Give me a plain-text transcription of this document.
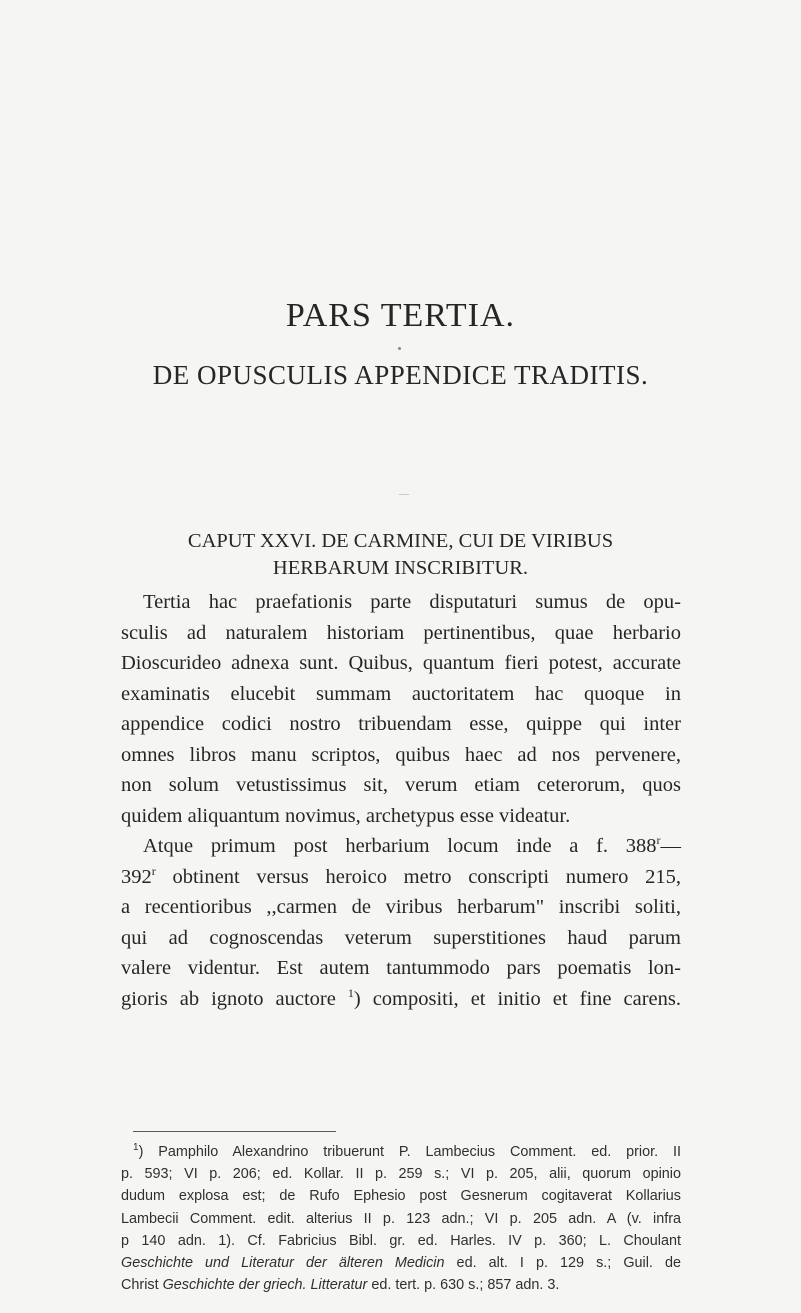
PARS TERTIA.
DE OPUSCULIS APPENDICE TRADITIS.
CAPUT XXVI. DE CARMINE, CUI DE VIRIBUS
HERBARUM INSCRIBITUR.
Tertia hac praefationis parte disputaturi sumus de opu-
sculis ad naturalem historiam pertinentibus, quae herbario
Dioscurideo adnexa sunt. Quibus, quantum fieri potest, accurate
examinatis elucebit summam auctoritatem hac quoque in
appendice codici nostro tribuendam esse, quippe qui inter
omnes libros manu scriptos, quibus haec ad nos pervenere,
non solum vetustissimus sit, verum etiam ceterorum, quos
quidem aliquantum novimus, archetypus esse videatur.
Atque primum post herbarium locum inde a f. 388$^r$—
392$^r$ obtinent versus heroico metro conscripti numero 215,
a recentioribus ,,carmen de viribus herbarum" inscribi soliti,
qui ad cognoscendas veterum superstitiones haud parum
valere videntur. Est autem tantummodo pars poematis lon-
gioris ab ignoto auctore $^1$) compositi, et initio et fine carens.
$^1$) Pamphilo Alexandrino tribuerunt P. Lambecius Comment. ed. prior. II
p. 593; VI p. 206; ed. Kollar. II p. 259 s.; VI p. 205, alii, quorum opinio
dudum explosa est; de Rufo Ephesio post Gesnerum cogitaverat Kollarius
Lambecii Comment. edit. alterius II p. 123 adn.; VI p. 205 adn. A (v. infra
p 140 adn. 1). Cf. Fabricius Bibl. gr. ed. Harles. IV p. 360; L. Choulant
Geschichte und Literatur der älteren Medicin ed. alt. I p. 129 s.; Guil. de
Christ Geschichte der griech. Litteratur ed. tert. p. 630 s.; 857 adn. 3.
